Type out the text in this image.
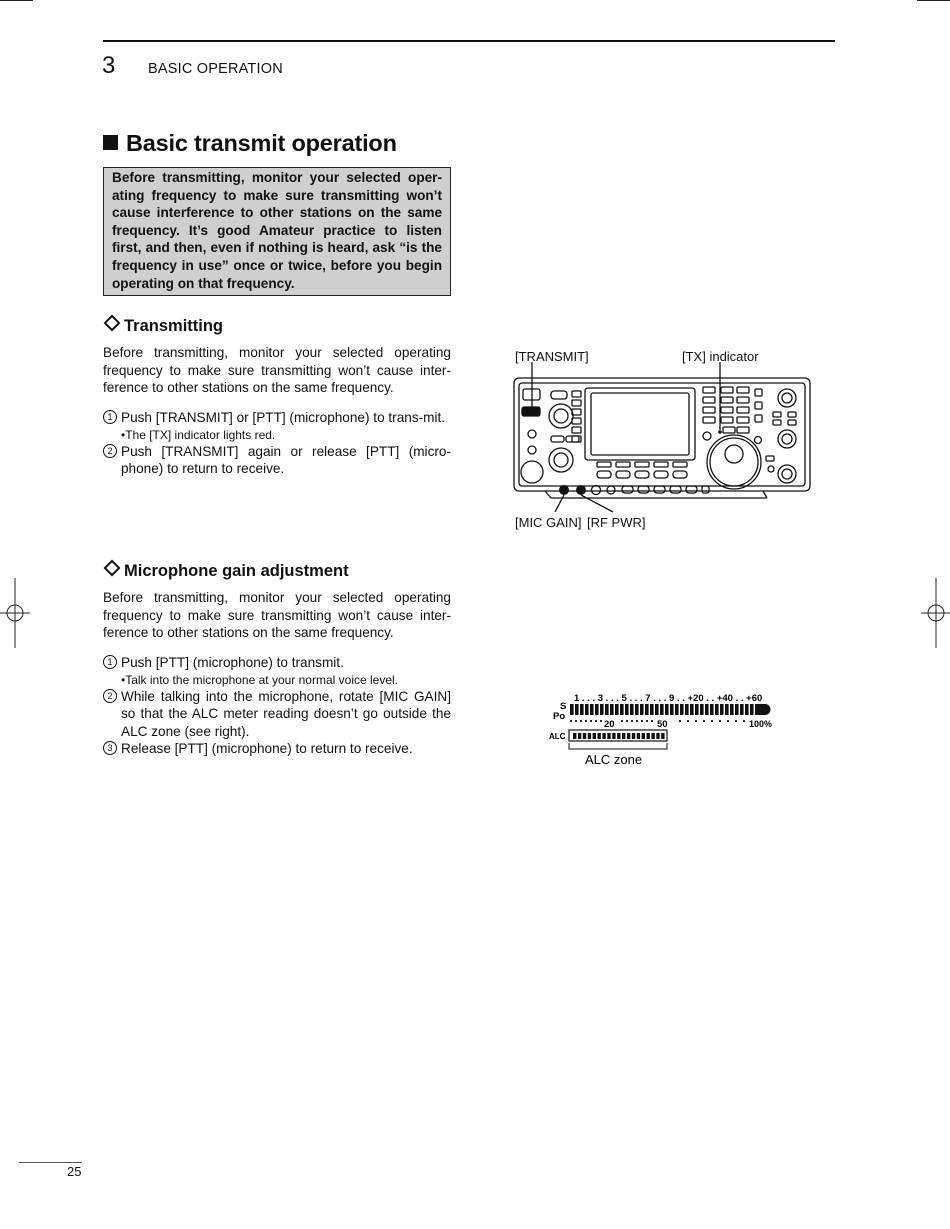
3 BASIC OPERATION
Basic transmit operation
Before transmitting, monitor your selected oper-ating frequency to make sure transmitting won’t cause interference to other stations on the same frequency. It’s good Amateur practice to listen first, and then, even if nothing is heard, ask “is the frequency in use” once or twice, before you begin operating on that frequency.
Transmitting
Before transmitting, monitor your selected operating frequency to make sure transmitting won’t cause inter-ference to other stations on the same frequency.
1 Push [TRANSMIT] or [PTT] (microphone) to trans-mit.
•The [TX] indicator lights red.
2 Push [TRANSMIT] again or release [PTT] (micro-phone) to return to receive.
[TRANSMIT]	[TX] indicator
[MIC GAIN] [RF PWR]
Microphone gain adjustment
Before transmitting, monitor your selected operating frequency to make sure transmitting won’t cause inter-ference to other stations on the same frequency.
1 Push [PTT] (microphone) to transmit.
•Talk into the microphone at your normal voice level.
2 While talking into the microphone, rotate [MIC GAIN] so that the ALC meter reading doesn’t go outside the ALC zone (see right).
3 Release [PTT] (microphone) to return to receive.
1 . . . 3 . . . 5 . . . 7 . . . 9 . . +20 . . +40 . . +60
S
Po
ALC
20	50	100%
ALC zone
25
